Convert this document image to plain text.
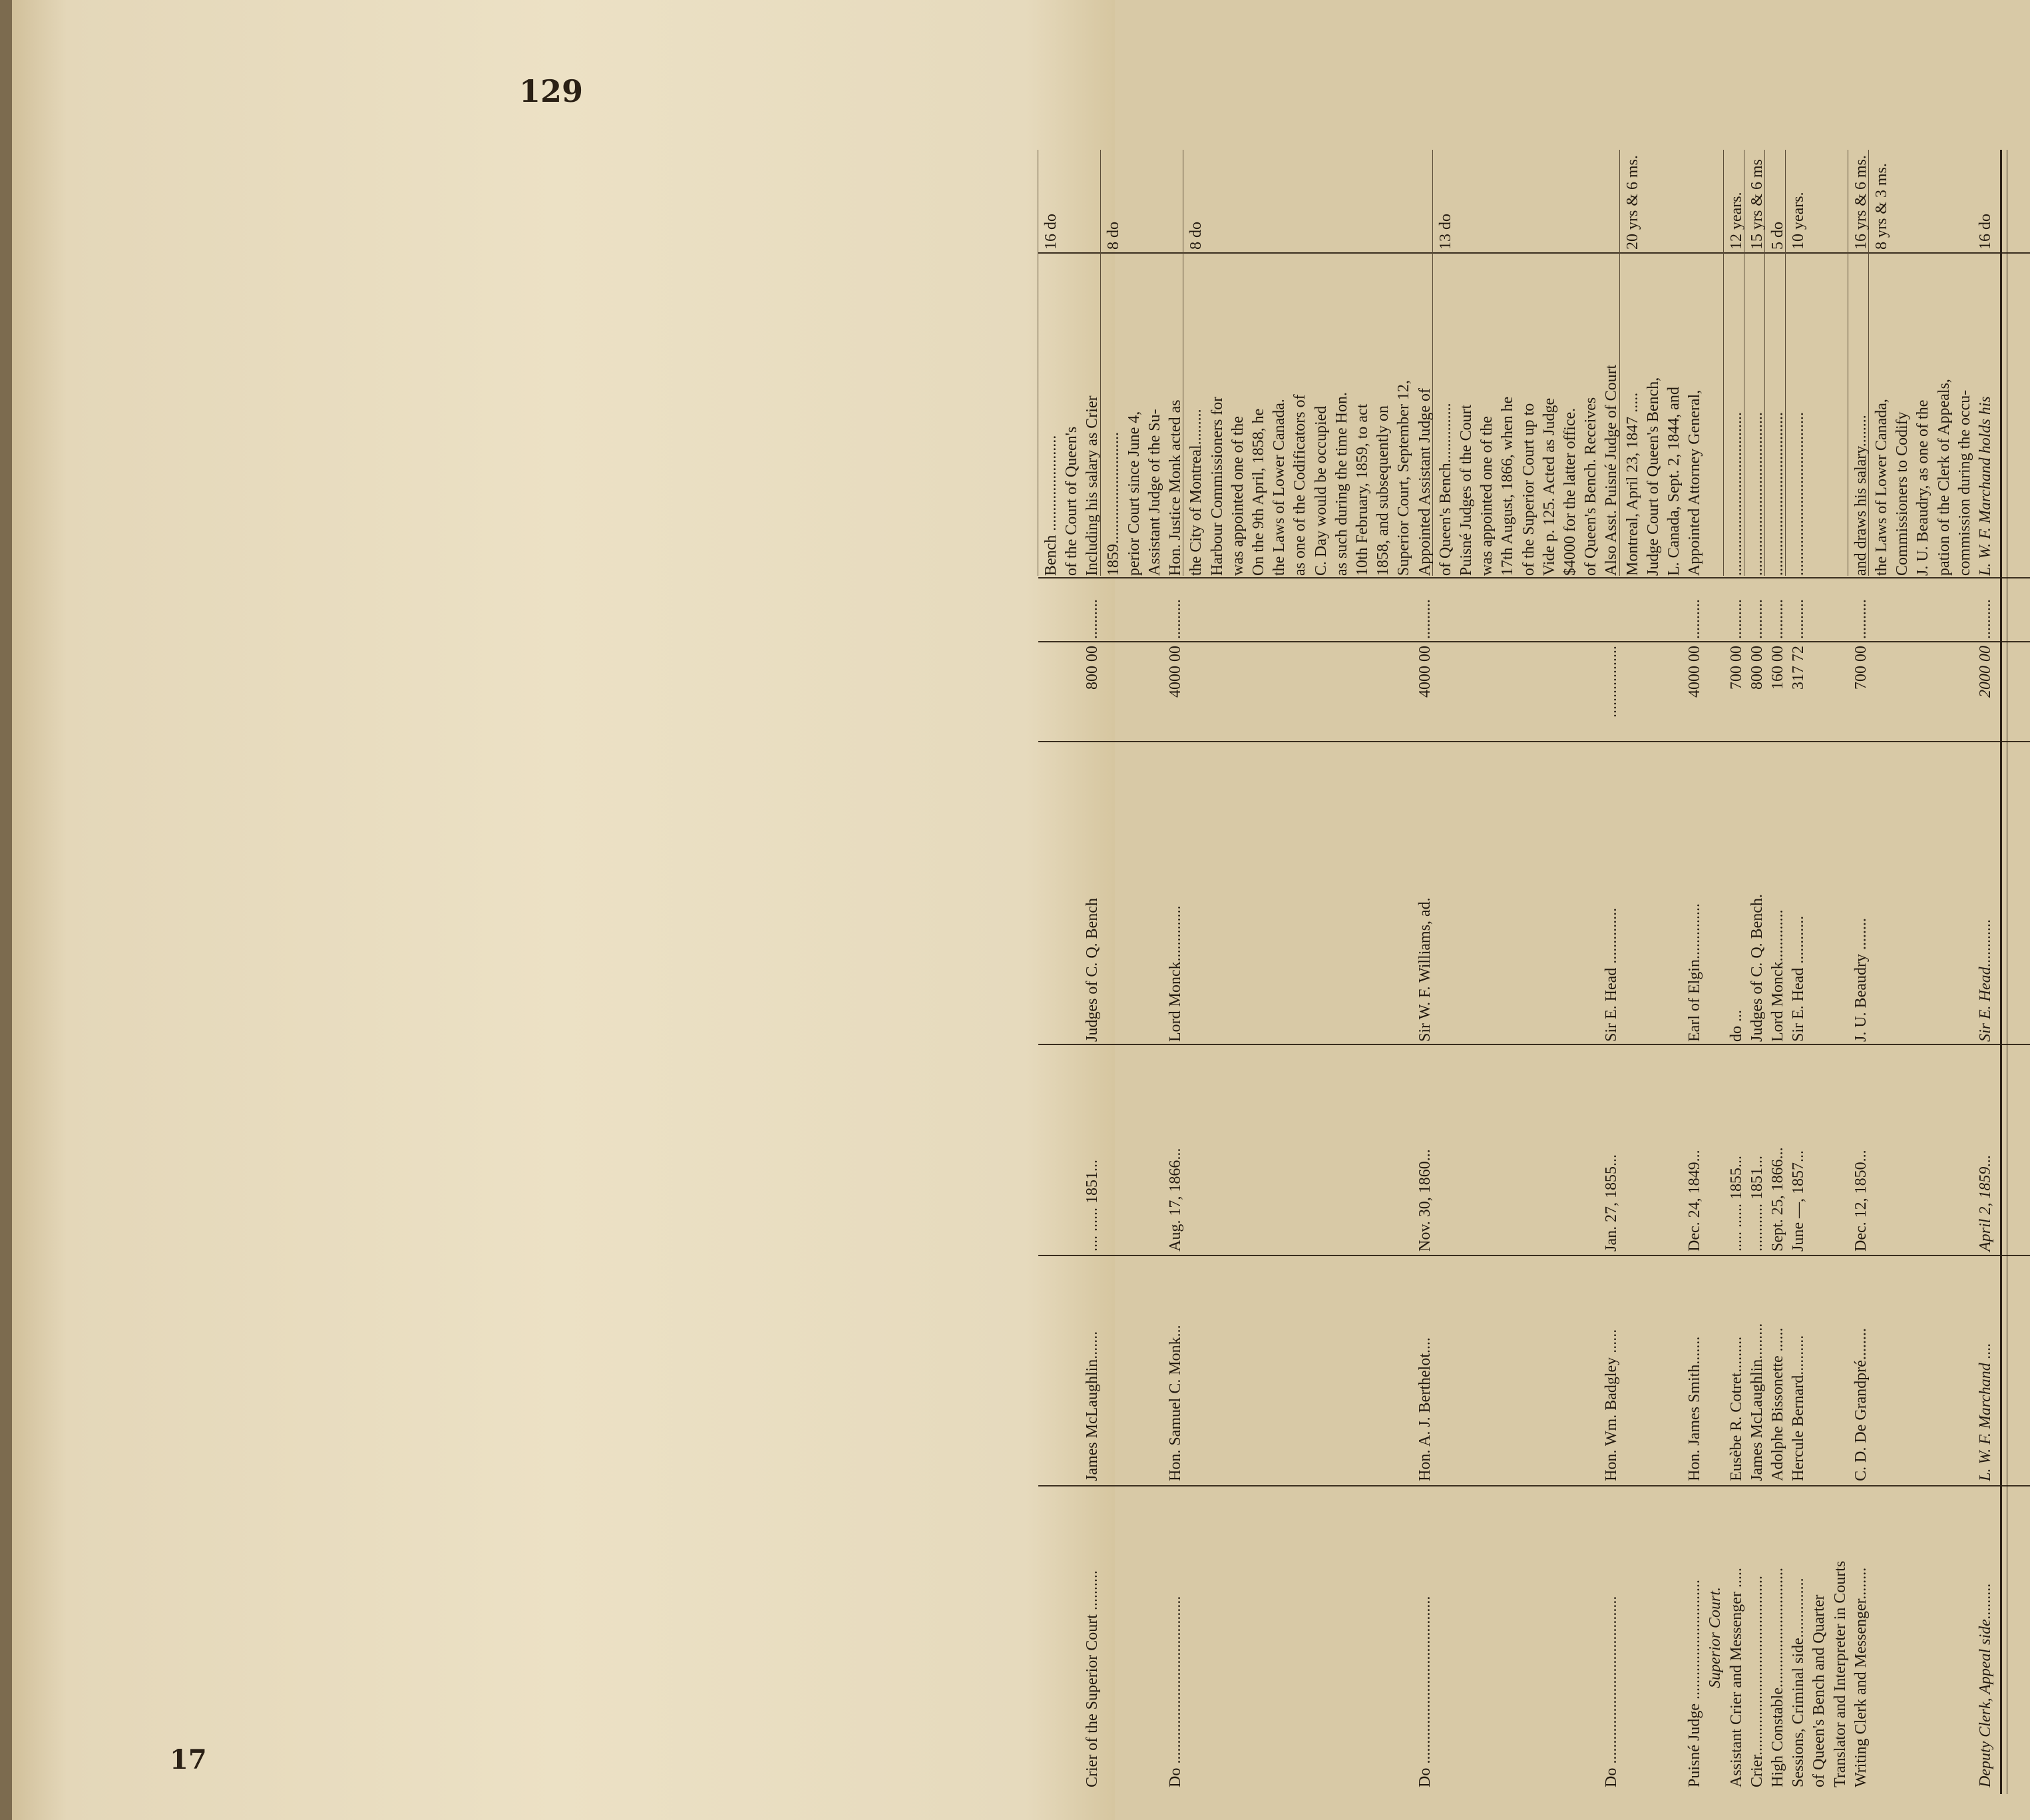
129
17	Deputy Clerk, Appeal side.........
L. W. F. Marchand ....
April 2, 1859...
Sir E. Head............
2000 00
..........
L. W. F. Marchand holds his
16 do
commission during the occu-
pation of the Clerk of Appeals,
J. U. Beaudry, as one of the
Commissioners to Codify
the Laws of Lower Canada,
8 yrs & 3 ms.
Writing Clerk and Messenger........
C. D. De Grandpré........
Dec. 12, 1850...
J. U. Beaudry ........
700 00
..........
and draws his salary........
16 yrs & 6 ms.
Translator and Interpreter in Courts
of Queen's Bench and Quarter
Sessions, Criminal side...............
Hercule Bernard..........
June —, 1857...
Sir E. Head ............
317 72
..........
.........................................
10 years.
High Constable..............................
Adolphe Bissonette ......
Sept. 25, 1866...
Lord Monck.............
160 00
..........
.........................................
5 do
Crier.............................................
James McLaughlin.........
............ 1851...
Judges of C. Q. Bench.
800 00
..........
.........................................
15 yrs & 6 ms
Assistant Crier and Messenger .....
Eusèbe R. Cotret.........
..... ...... 1855...
do ...
700 00
..........
.........................................
12 years.
Superior Court.
Puisné Judge ..............................
Hon. James Smith.......
Dec. 24, 1849...
Earl of Elgin..............
4000 00
..........
Appointed Attorney General,
L. Canada, Sept. 2, 1844, and
Judge Court of Queen's Bench,
Montreal, April 23, 1847 .....
20 yrs & 6 ms.
Do ..........................................
Hon. Wm. Badgley ......
Jan. 27, 1855...
Sir E. Head ..............
..................
Also Asst. Puisné Judge of Court
of Queen's Bench. Receives
$4000 for the latter office.
Vide p. 125. Acted as Judge
of the Superior Court up to
17th August, 1866, when he
was appointed one of the
Puisné Judges of the Court
of Queen's Bench...............
13 do
Do ..........................................
Hon. A. J. Berthelot....
Nov. 30, 1860...
Sir W. F. Williams, ad.
4000 00
..........
Appointed Assistant Judge of
Superior Court, September 12,
1858, and subsequently on
10th February, 1859, to act
as such during the time Hon.
C. Day would be occupied
as one of the Codificators of
the Laws of Lower Canada.
On the 9th April, 1858, he
was appointed one of the
Harbour Commissioners for
the City of Montreal.........
8 do
Do ..........................................
Hon. Samuel C. Monk...
Aug. 17, 1866...
Lord Monck..............
4000 00
..........
Hon. Justice Monk acted as
Assistant Judge of the Su-
perior Court since June 4,
1859............................
8 do
Crier of the Superior Court ..........
James McLaughlin.......
.... ...... 1851...
Judges of C. Q. Bench
800 00
..........
Including his salary as Crier
of the Court of Queen's
Bench ........................
16 do
